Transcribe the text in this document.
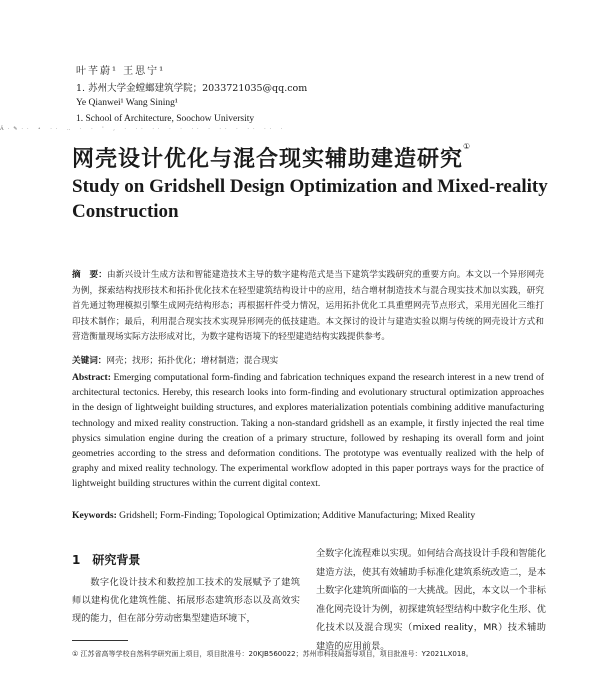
叶芊蔚¹ 王思宁¹
1. 苏州大学金螳螂建筑学院；2033721035@qq.com
Ye Qianwei¹ Wang Sining¹
1. School of Architecture, Soochow University
Ä·✎·· ∘ ·· ‥ · · ' , · ·· ·· · · ·· · ·· · ·· ·· ·
网壳设计优化与混合现实辅助建造研究①
Study on Gridshell Design Optimization and Mixed-reality Construction
摘　要：由新兴设计生成方法和智能建造技术主导的数字建构范式是当下建筑学实践研究的重要方向。本文以一个异形网壳为例，探索结构找形技术和拓扑优化技术在轻型建筑结构设计中的应用，结合增材制造技术与混合现实技术加以实践，研究首先通过物理模拟引擎生成网壳结构形态；再根据杆件受力情况，运用拓扑优化工具重塑网壳节点形式，采用光固化三维打印技术制作；最后，利用混合现实技术实现异形网壳的低技建造。本文探讨的设计与建造实验以期与传统的网壳设计方式和营造衡量现场实际方法形成对比，为数字建构语境下的轻型建造结构实践提供参考。
关键词：网壳；找形；拓扑优化；增材制造；混合现实
Abstract: Emerging computational form-finding and fabrication techniques expand the research interest in a new trend of architectural tectonics. Hereby, this research looks into form-finding and evolutionary structural optimization approaches in the design of lightweight building structures, and explores materialization potentials combining additive manufacturing technology and mixed reality construction. Taking a non-standard gridshell as an example, it firstly injected the real time physics simulation engine during the creation of a primary structure, followed by reshaping its overall form and joint geometries according to the stress and deformation conditions. The prototype was eventually realized with the help of graphy and mixed reality technology. The experimental workflow adopted in this paper portrays ways for the practice of lightweight building structures within the current digital context.
Keywords: Gridshell; Form-Finding; Topological Optimization; Additive Manufacturing; Mixed Reality
1 研究背景
数字化设计技术和数控加工技术的发展赋予了建筑师以建构优化建筑性能、拓展形态建筑形态以及高效实现的能力，但在部分劳动密集型建造环境下，
全数字化流程难以实现。如何结合高技设计手段和智能化建造方法，使其有效辅助手标准化建筑系统改造二，是本土数字化建筑所面临的一大挑战。因此，本文以一个非标准化网壳设计为例，初探建筑轻型结构中数字化生形、优化技术以及混合现实（mixed reality，MR）技术辅助建造的应用前景。
① 江苏省高等学校自然科学研究面上项目，项目批准号：20KJB560022；苏州市科技局指导项目，项目批准号：Y2021LX018。
